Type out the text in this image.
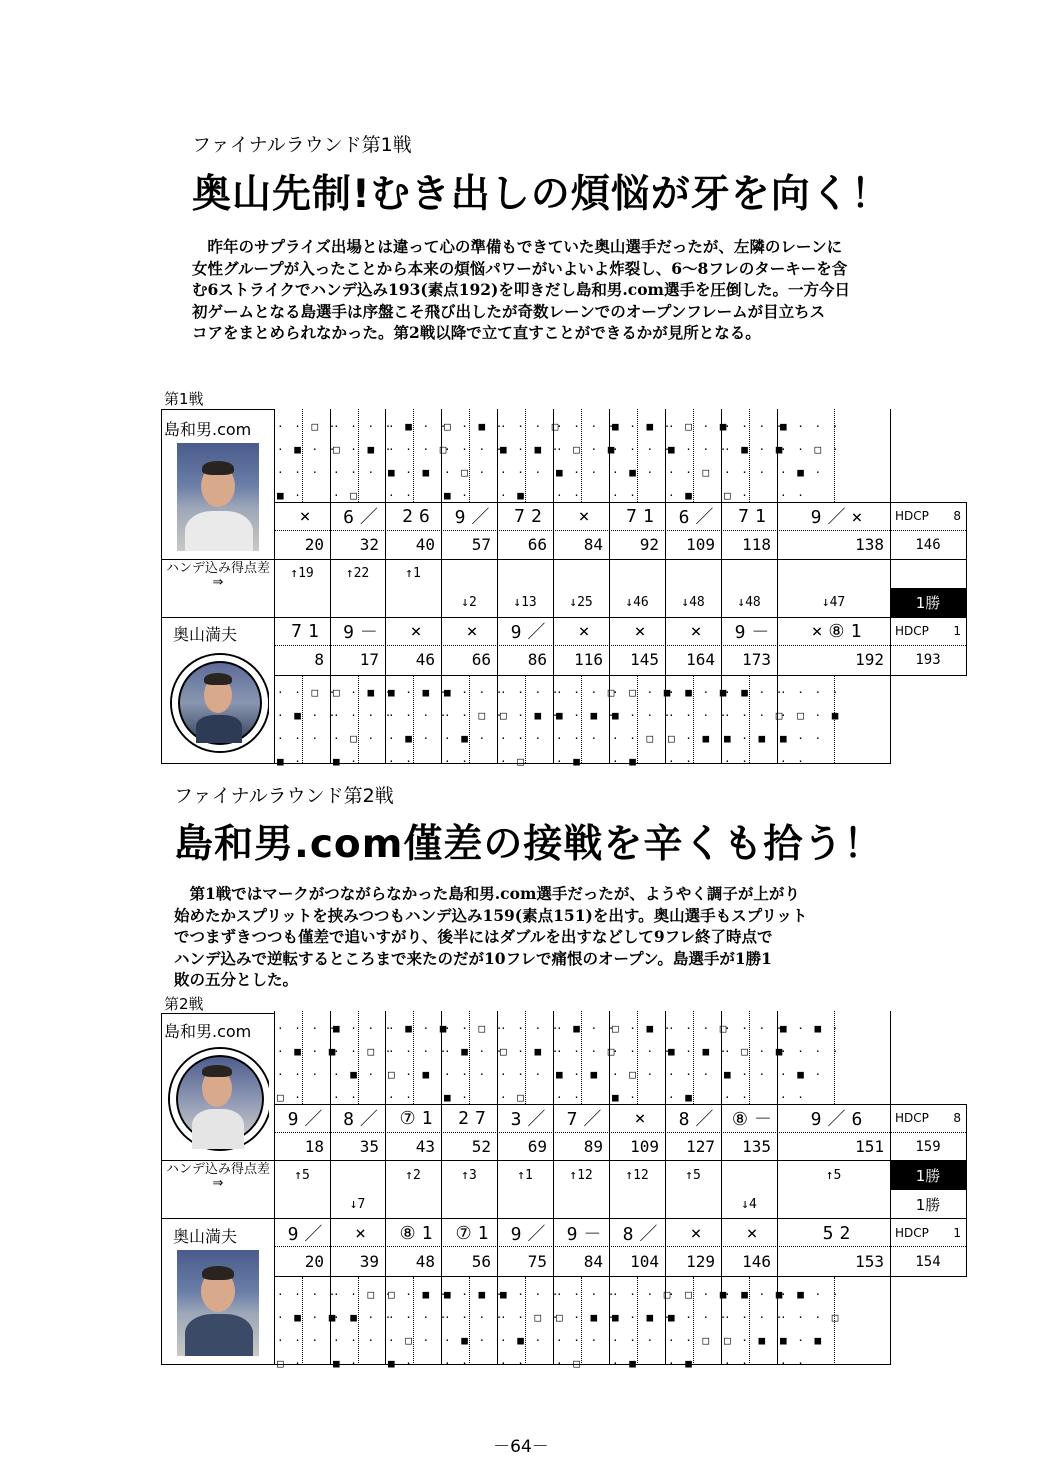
ファイナルラウンド第1戦
奥山先制!むき出しの煩悩が牙を向く！
　昨年のサプライズ出場とは違って心の準備もできていた奥山選手だったが、左隣のレーンに
女性グループが入ったことから本来の煩悩パワーがいよいよ炸裂し、6～8フレのターキーを含
む6ストライクでハンデ込み193(素点192)を叩きだし島和男.com選手を圧倒した。一方今日
初ゲームとなる島選手は序盤こそ飛び出したが奇数レーンでのオープンフレームが目立ちス
コアをまとめられなかった。第2戦以降で立て直すことができるかが見所となる。
第1戦
島和男.com
ハンデ込み得点差⇒
奥山満夫
· · □
· ■ ·
· · ·
■ ·
×
20
↑19
71
8
· · □
· ■ ·
· · ·
■ ·
· · ·
□ · ■
· · ·
· □
6／
32
↑22
9－
17
□ · ■
· · ·
· □ ·
■ ·
· ■ ·
· · ·
■ · ■
· ·
26
40
↑1
×
46
■ · ■
· · ·
· ■ ·
· ·
□ · ■
· · ·
· □ ·
■ ·
9／
57
↓2
×
66
■ · ·
· · □
· ■ ·
· ·
· · ·
■ · ■
· · ·
· ■
72
66
↓13
9／
86
· · ·
□ · ■
· · ·
· □
· · ·
· □ ·
■ · ·
· ·
×
84
↓25
×
116
· · ·
■ · ■
· · ·
· ■
■ · ■
· · ·
· ■ ·
· ·
71
92
↓46
×
145
· □ ·
■ · ·
· · □
· ■
· □ ·
■ · ·
· · □
· ■
6／
109
↓48
×
164
· ■ ·
· · ·
□ · ■
· ·
· · ·
· ■ ·
· · ·
□ ·
71
118
↓48
9－
173
· ■ ·
· · ·
■ · ■
· ·
■ · · ·
· · □ ·
· ■ ·
· ·
9／×
138
↓47
×⑧1
192
· · · ·
· □ · ■
■ · ·
· ·
HDCP 8
146
1勝
HDCP 1
193
ファイナルラウンド第2戦
島和男.com僅差の接戦を辛くも拾う！
　第1戦ではマークがつながらなかった島和男.com選手だったが、ようやく調子が上がり
始めたかスプリットを挟みつつもハンデ込み159(素点151)を出す。奥山選手もスプリット
でつまずきつつも僅差で追いすがり、後半にはダブルを出すなどして9フレ終了時点で
ハンデ込みで逆転するところまで来たのだが10フレで痛恨のオープン。島選手が1勝1
敗の五分とした。
第2戦
島和男.com
ハンデ込み得点差⇒
奥山満夫
· · · ·
· ■ · ■
· · ·
□ ·
9／
18
↑5
9／
20
· · · ·
· ■ · ■
· · ·
□ ·
■ · · ·
· · □ ·
· ■ ·
· ·
8／
35
↓7
×
39
· · □ ·
· ■ · ·
· · ·
■ ·
· ■ · ■
· · · ·
□ · ■
· ·
⑦1
43
↑2
⑧1
48
□ · ■ ·
· · · ·
· □ ·
■ ·
· · □ ·
· ■ · ·
· · ·
■ ·
27
52
↑3
⑦1
56
■ · ■ ·
· · · ·
· ■ ·
· ·
· · · ·
□ · ■ ·
· · ·
· □
3／
69
↑1
9／
75
■ · · ·
· · □ ·
· ■ ·
· ·
· ■ · ·
· · · □
■ · ■
· ·
7／
89
↑12
9－
84
· · · ·
□ · ■ ·
· · ·
· □
□ · ■ ·
· · · ·
· □ ·
■ ·
×
109
↑12
8／
104
· · · □
■ · ■ ·
· · ·
· ■
· · · □
■ · ■ ·
· · ·
· ■
8／
127
↑5
×
129
· □ · ■
■ · · ·
· · □
· ■
· · · ·
· □ · ■
■ · ·
· ·
⑧－
135
↓4
×
146
· ■ · ■
· · · ·
□ · ■
· ·
■ · ■ ·
· · · ·
· ■ ·
· ·
9／6
151
↑5
52
153
· ■ · ·
· · · □
■ · ■
· ·
HDCP 8
159
1勝
1勝
HDCP 1
154
－64－
